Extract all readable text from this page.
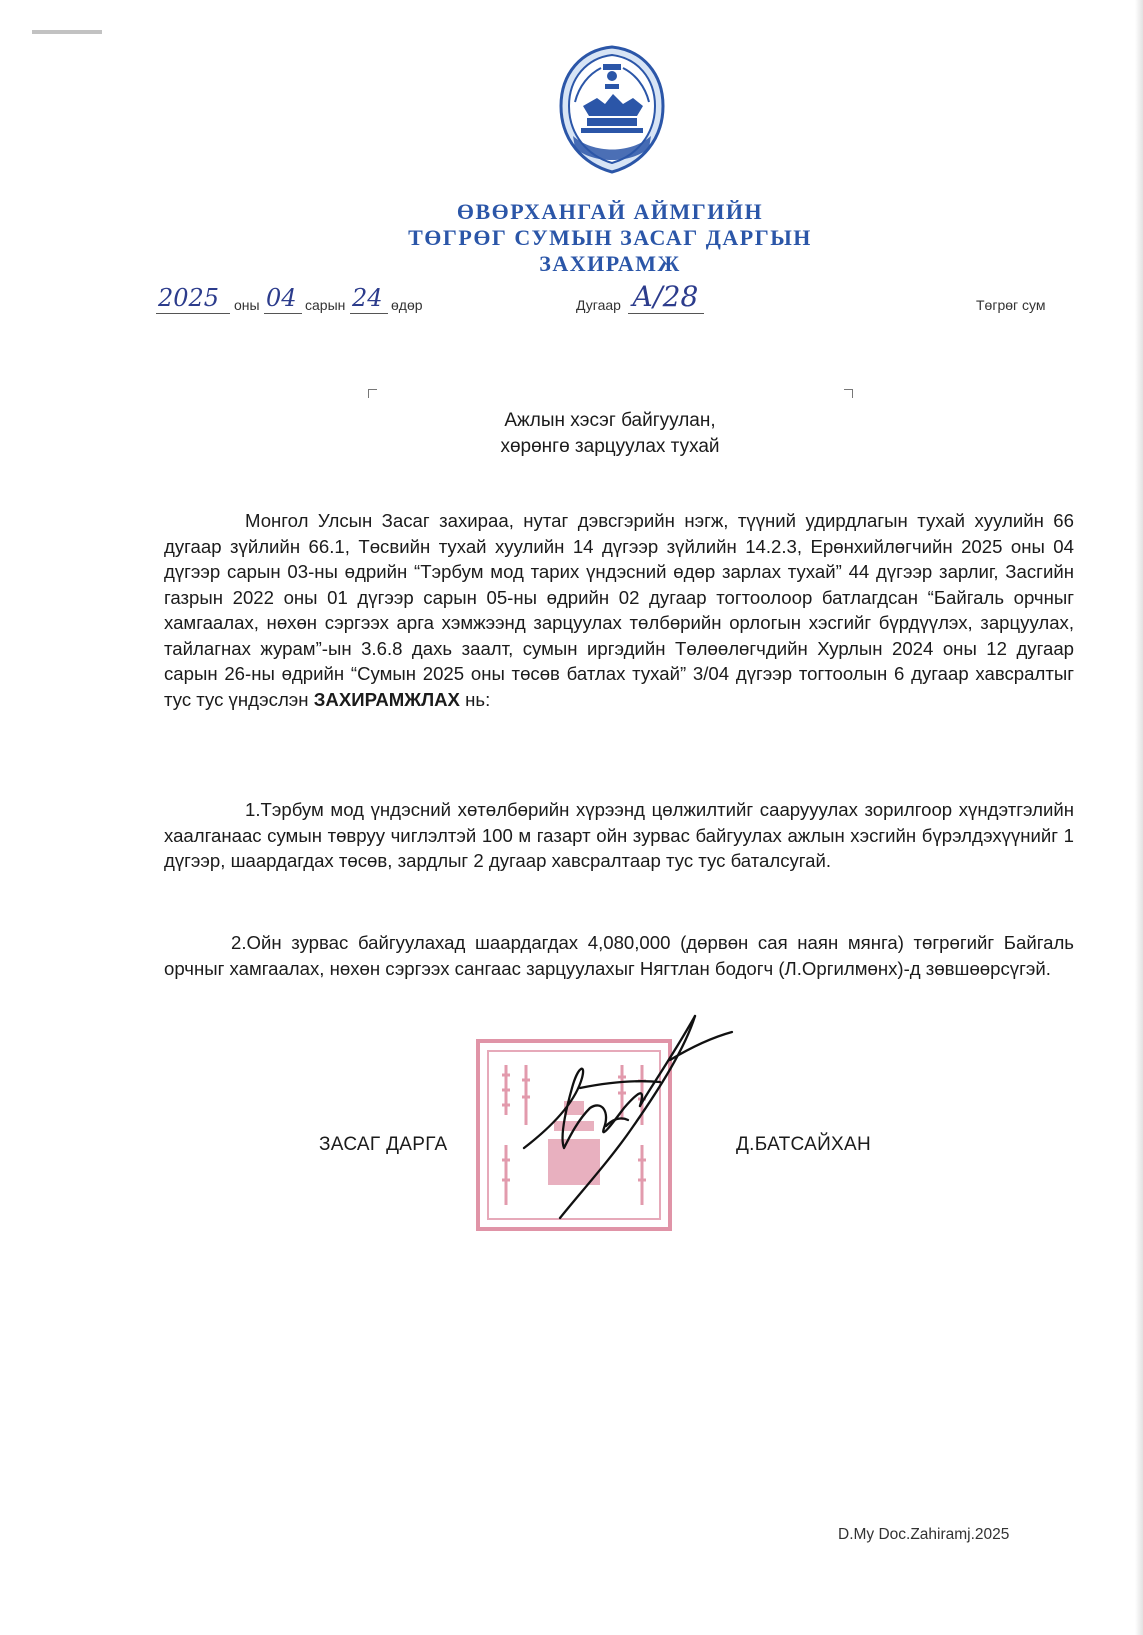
ӨВӨРХАНГАЙ АЙМГИЙН
ТӨГРӨГ СУМЫН ЗАСАГ ДАРГЫН
ЗАХИРАМЖ
2025 оны 04 сарын 24 өдөр	Дугаар А/28	Төгрөг сум
Ажлын хэсэг байгуулан,
хөрөнгө зарцуулах тухай

Монгол Улсын Засаг захираа, нутаг дэвсгэрийн нэгж, түүний удирдлагын тухай хуулийн 66 дугаар зүйлийн 66.1, Төсвийн тухай хуулийн 14 дүгээр зүйлийн 14.2.3, Ерөнхийлөгчийн 2025 оны 04 дүгээр сарын 03-ны өдрийн “Тэрбум мод тарих үндэсний өдөр зарлах тухай” 44 дүгээр зарлиг, Засгийн газрын 2022 оны 01 дүгээр сарын 05-ны өдрийн 02 дугаар тогтоолоор батлагдсан “Байгаль орчныг хамгаалах, нөхөн сэргээх арга хэмжээнд зарцуулах төлбөрийн орлогын хэсгийг бүрдүүлэх, зарцуулах, тайлагнах журам”-ын 3.6.8 дахь заалт, сумын иргэдийн Төлөөлөгчдийн Хурлын 2024 оны 12 дугаар сарын 26-ны өдрийн “Сумын 2025 оны төсөв батлах тухай” 3/04 дүгээр тогтоолын 6 дугаар хавсралтыг тус тус үндэслэн ЗАХИРАМЖЛАХ нь:

1.Тэрбум мод үндэсний хөтөлбөрийн хүрээнд цөлжилтийг саарууулах зорилгоор хүндэтгэлийн хаалганаас сумын төвруу чиглэлтэй 100 м газарт ойн зурвас байгуулах ажлын хэсгийн бүрэлдэхүүнийг 1 дүгээр, шаардагдах төсөв, зардлыг 2 дугаар хавсралтаар тус тус баталсугай.

2.Ойн зурвас байгуулахад шаардагдах 4,080,000 (дөрвөн сая наян мянга) төгрөгийг Байгаль орчныг хамгаалах, нөхөн сэргээх сангаас зарцуулахыг Нягтлан бодогч (Л.Оргилмөнх)-д зөвшөөрсүгэй.

ЗАСАГ ДАРГА	Д.БАТСАЙХАН
D.My Doc.Zahiramj.2025
